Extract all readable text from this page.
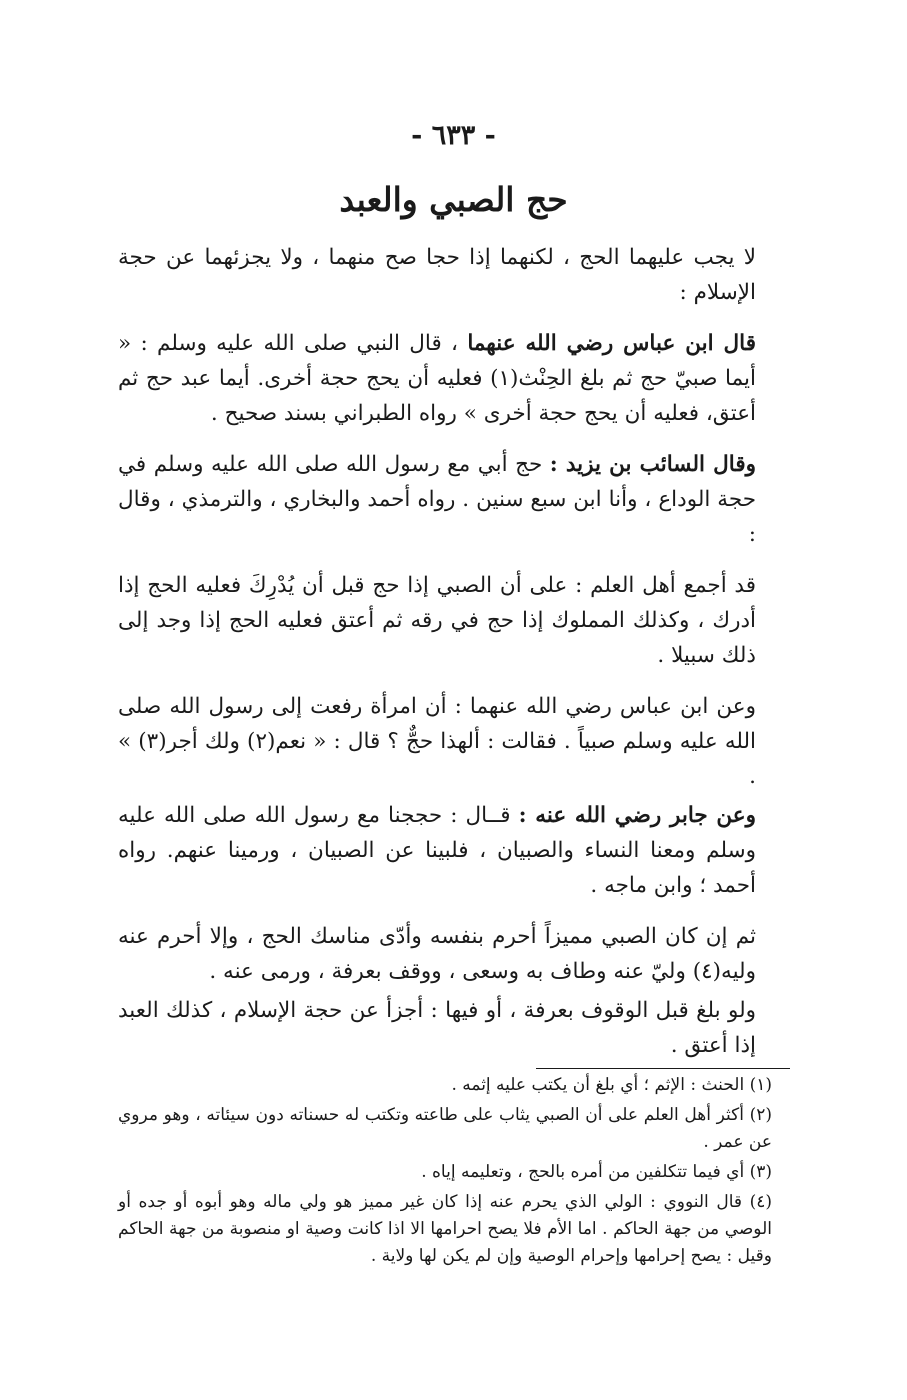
- ٦٣٣ -
حج الصبي والعبد

لا يجب عليهما الحج ، لكنهما إذا حجا صح منهما ، ولا يجزئهما عن حجة الإسلام :

قال ابن عباس رضي الله عنهما ، قال النبي صلى الله عليه وسلم : « أيما صبيّ حج ثم بلغ الحِنْث(١) فعليه أن يحج حجة أخرى. أيما عبد حج ثم أعتق، فعليه أن يحج حجة أخرى » رواه الطبراني بسند صحيح .

وقال السائب بن يزيد : حج أبي مع رسول الله صلى الله عليه وسلم في حجة الوداع ، وأنا ابن سبع سنين . رواه أحمد والبخاري ، والترمذي ، وقال :

قد أجمع أهل العلم : على أن الصبي إذا حج قبل أن يُدْرِكَ فعليه الحج إذا أدرك ، وكذلك المملوك إذا حج في رقه ثم أعتق فعليه الحج إذا وجد إلى ذلك سبيلا .

وعن ابن عباس رضي الله عنهما : أن امرأة رفعت إلى رسول الله صلى الله عليه وسلم صبياً . فقالت : ألهذا حجٌّ ؟ قال : « نعم(٢) ولك أجر(٣) » .

وعن جابر رضي الله عنه : قــال : حججنا مع رسول الله صلى الله عليه وسلم ومعنا النساء والصبيان ، فلبينا عن الصبيان ، ورمينا عنهم. رواه أحمد ؛ وابن ماجه .

ثم إن كان الصبي مميزاً أحرم بنفسه وأدّى مناسك الحج ، وإلا أحرم عنه وليه(٤) وليّ عنه وطاف به وسعى ، ووقف بعرفة ، ورمى عنه .

ولو بلغ قبل الوقوف بعرفة ، أو فيها : أجزأ عن حجة الإسلام ، كذلك العبد إذا أعتق .

(١) الحنث : الإثم ؛ أي بلغ أن يكتب عليه إثمه .

(٢) أكثر أهل العلم على أن الصبي يثاب على طاعته وتكتب له حسناته دون سيئاته ، وهو مروي عن عمر .

(٣) أي فيما تتكلفين من أمره بالحج ، وتعليمه إياه .

(٤) قال النووي : الولي الذي يحرم عنه إذا كان غير مميز هو ولي ماله وهو أبوه أو جده أو الوصي من جهة الحاكم . اما الأم فلا يصح احرامها الا اذا كانت وصية او منصوبة من جهة الحاكم وقيل : يصح إحرامها وإحرام الوصية وإن لم يكن لها ولاية .
